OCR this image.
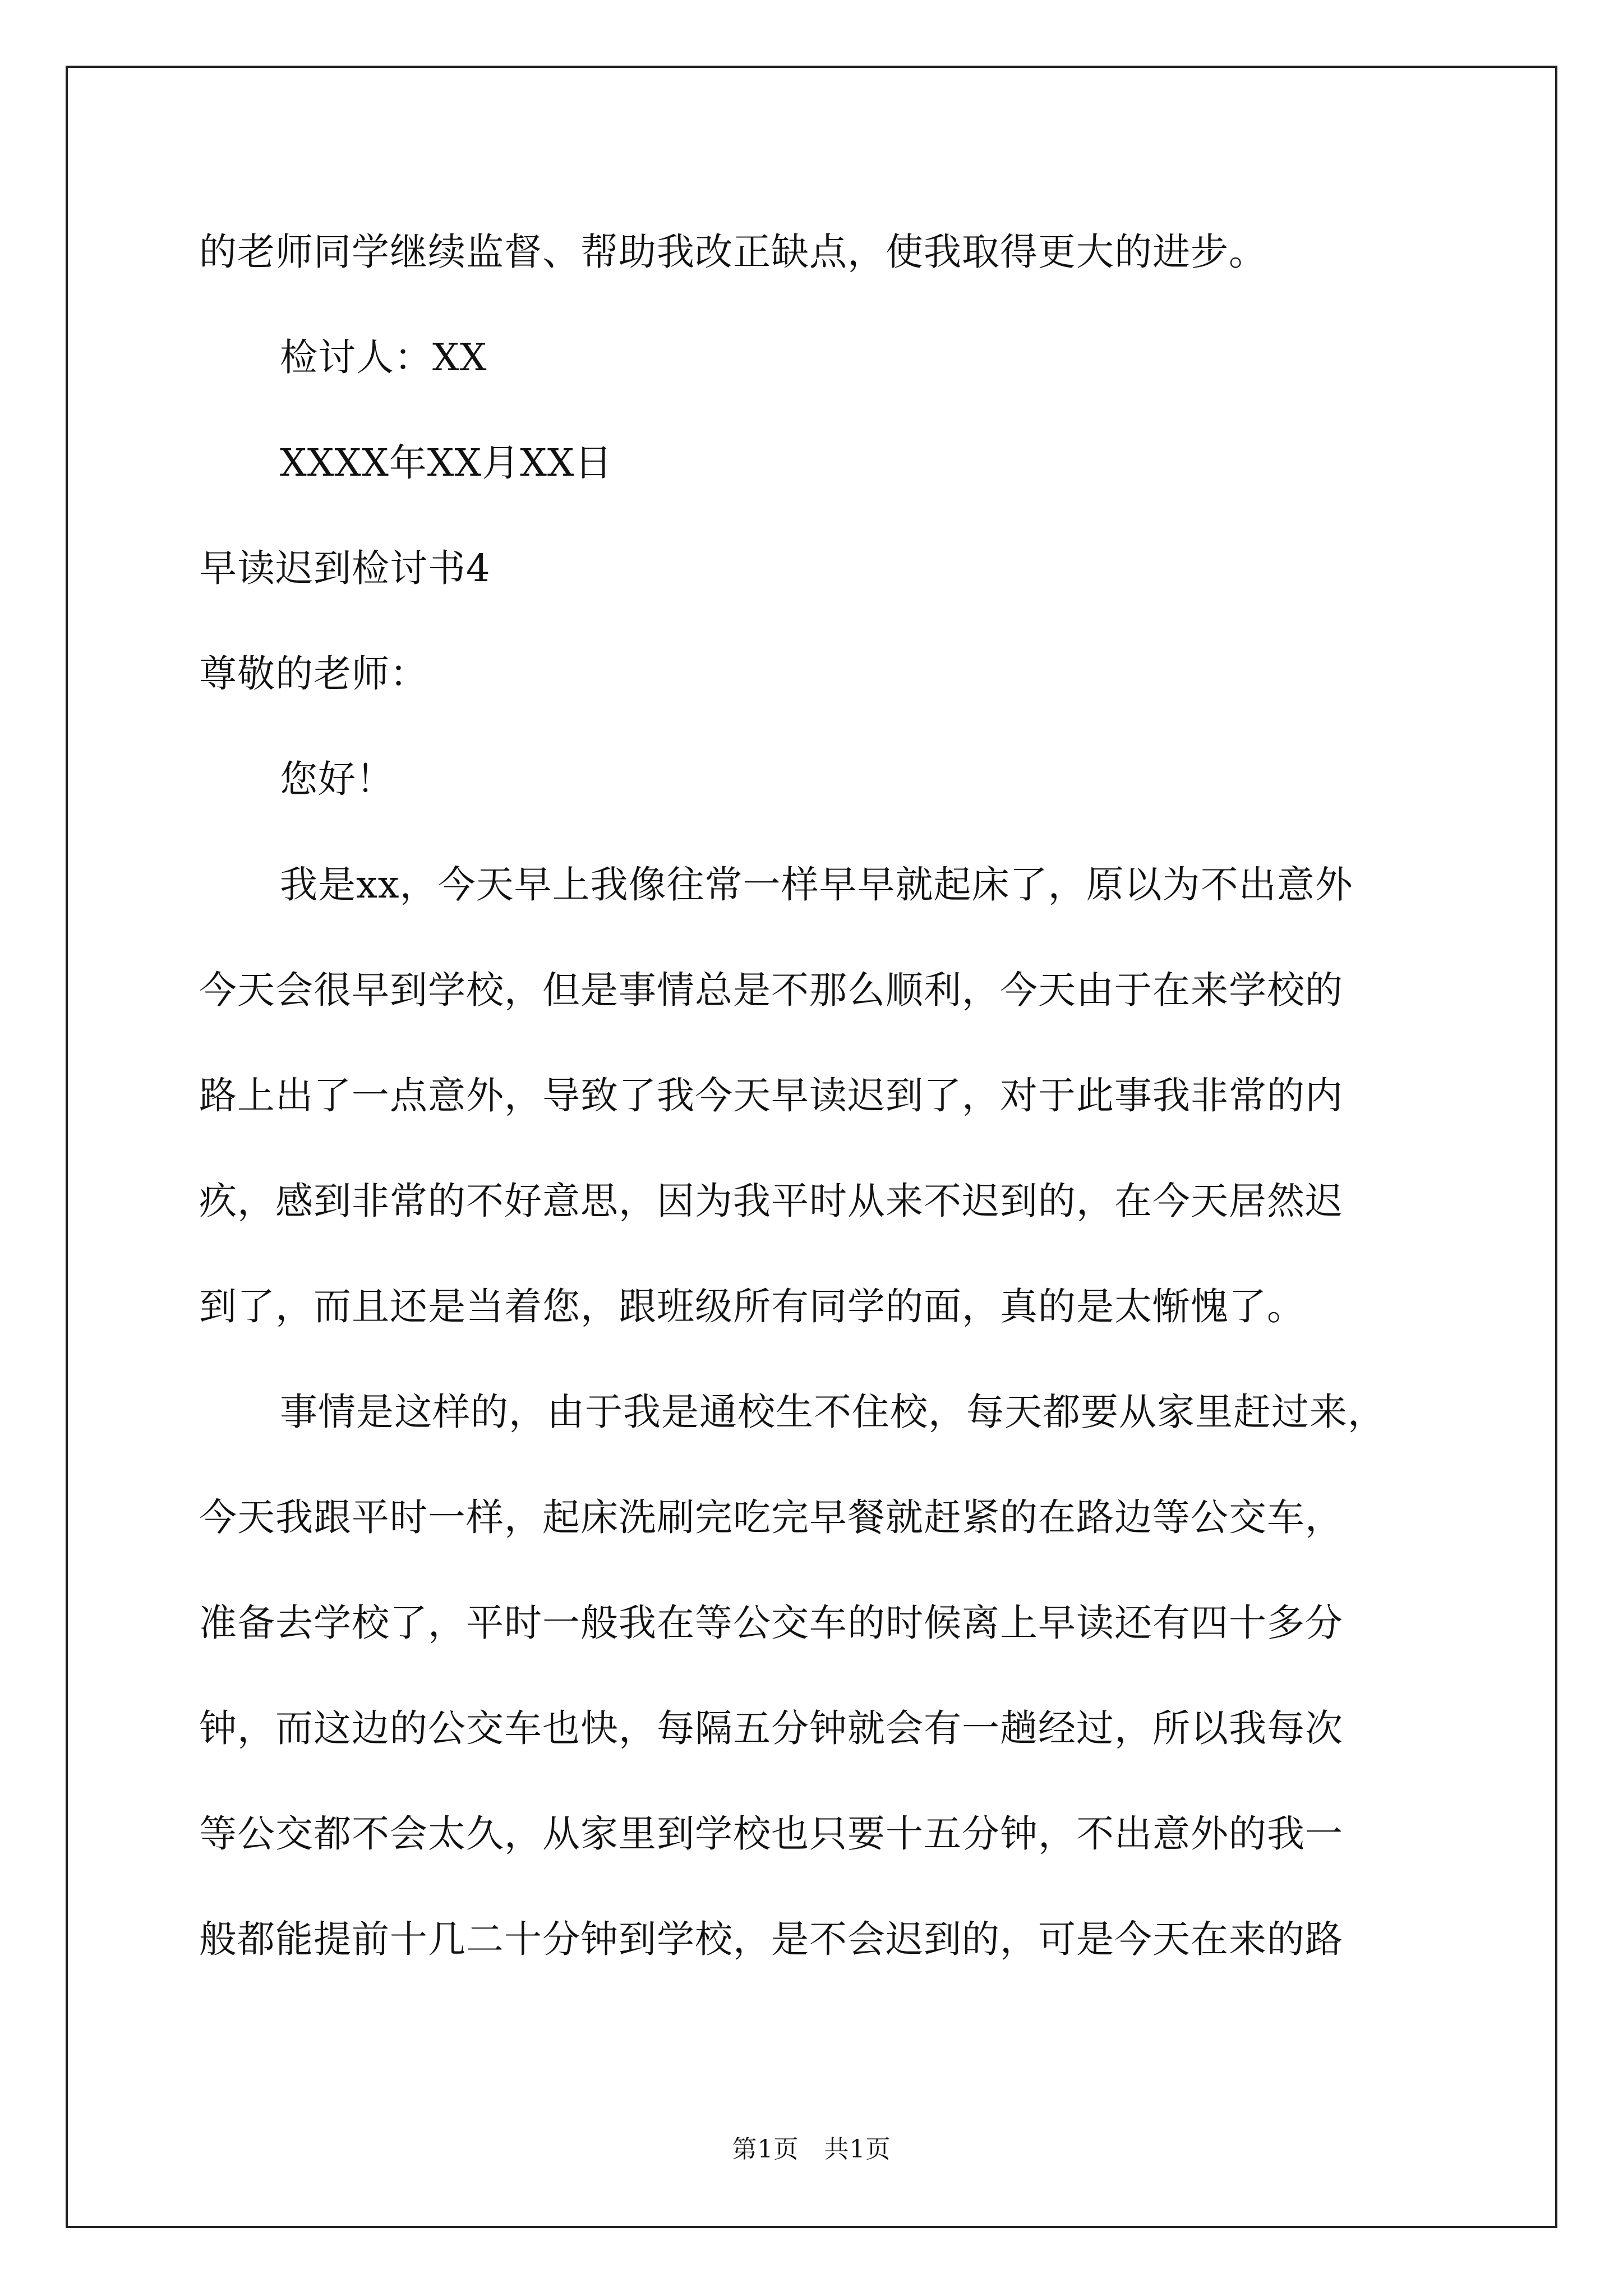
的老师同学继续监督、帮助我改正缺点，使我取得更大的进步。
检讨人：XX
XXXX年XX月XX日
早读迟到检讨书4
尊敬的老师：
您好！
我是xx，今天早上我像往常一样早早就起床了，原以为不出意外
今天会很早到学校，但是事情总是不那么顺利，今天由于在来学校的
路上出了一点意外，导致了我今天早读迟到了，对于此事我非常的内
疚，感到非常的不好意思，因为我平时从来不迟到的，在今天居然迟
到了，而且还是当着您，跟班级所有同学的面，真的是太惭愧了。
事情是这样的，由于我是通校生不住校，每天都要从家里赶过来，
今天我跟平时一样，起床洗刷完吃完早餐就赶紧的在路边等公交车，
准备去学校了，平时一般我在等公交车的时候离上早读还有四十多分
钟，而这边的公交车也快，每隔五分钟就会有一趟经过，所以我每次
等公交都不会太久，从家里到学校也只要十五分钟，不出意外的我一
般都能提前十几二十分钟到学校，是不会迟到的，可是今天在来的路
第1页　共1页
